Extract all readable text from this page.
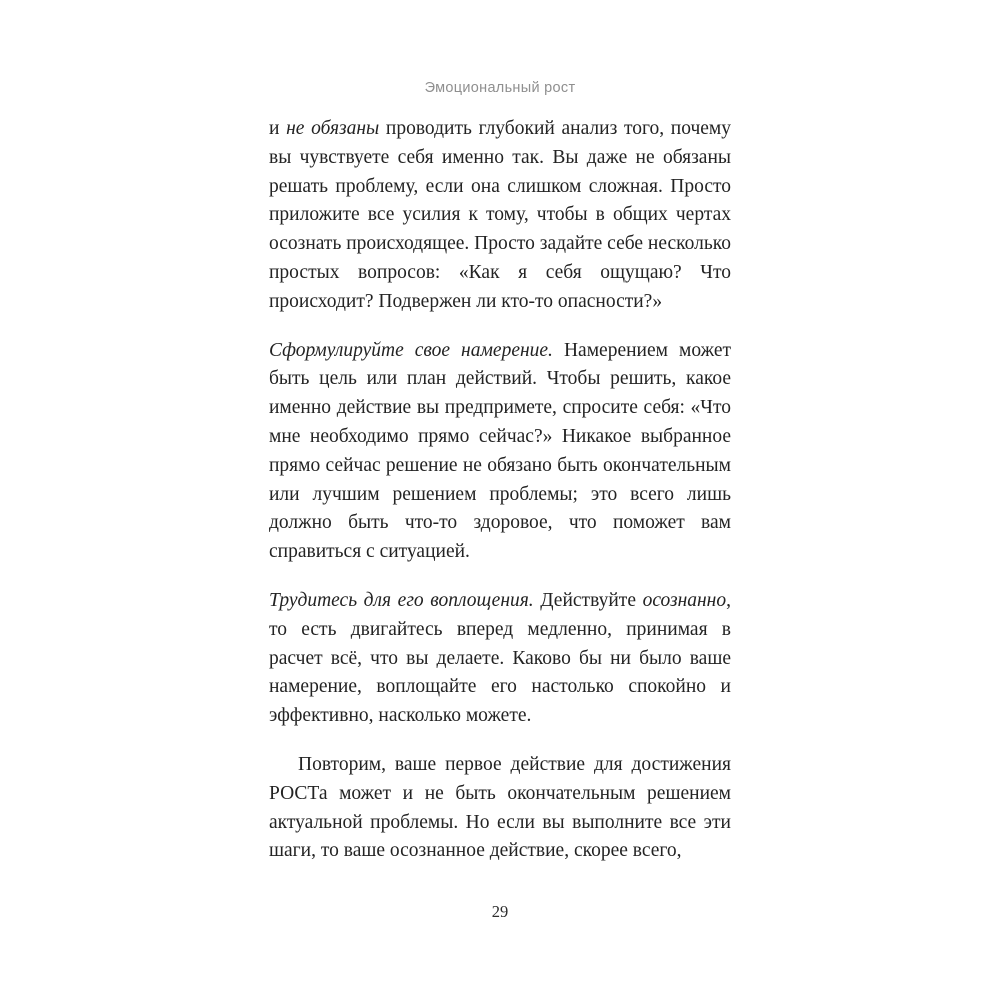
Эмоциональный рост

и не обязаны проводить глубокий анализ того, почему вы чувствуете себя именно так. Вы даже не обязаны решать проблему, если она слишком сложная. Просто приложите все усилия к тому, чтобы в общих чертах осознать происходящее. Просто задайте себе несколько простых вопросов: «Как я себя ощущаю? Что происходит? Подвержен ли кто-то опасности?»

Сформулируйте свое намерение. Намерением может быть цель или план действий. Чтобы решить, какое именно действие вы предпримете, спросите себя: «Что мне необходимо прямо сейчас?» Никакое выбранное прямо сейчас решение не обязано быть окончательным или лучшим решением проблемы; это всего лишь должно быть что-то здоровое, что поможет вам справиться с ситуацией.

Трудитесь для его воплощения. Действуйте осознанно, то есть двигайтесь вперед медленно, принимая в расчет всё, что вы делаете. Каково бы ни было ваше намерение, воплощайте его настолько спокойно и эффективно, насколько можете.

Повторим, ваше первое действие для достижения РОСТа может и не быть окончательным решением актуальной проблемы. Но если вы выполните все эти шаги, то ваше осознанное действие, скорее всего,

29
